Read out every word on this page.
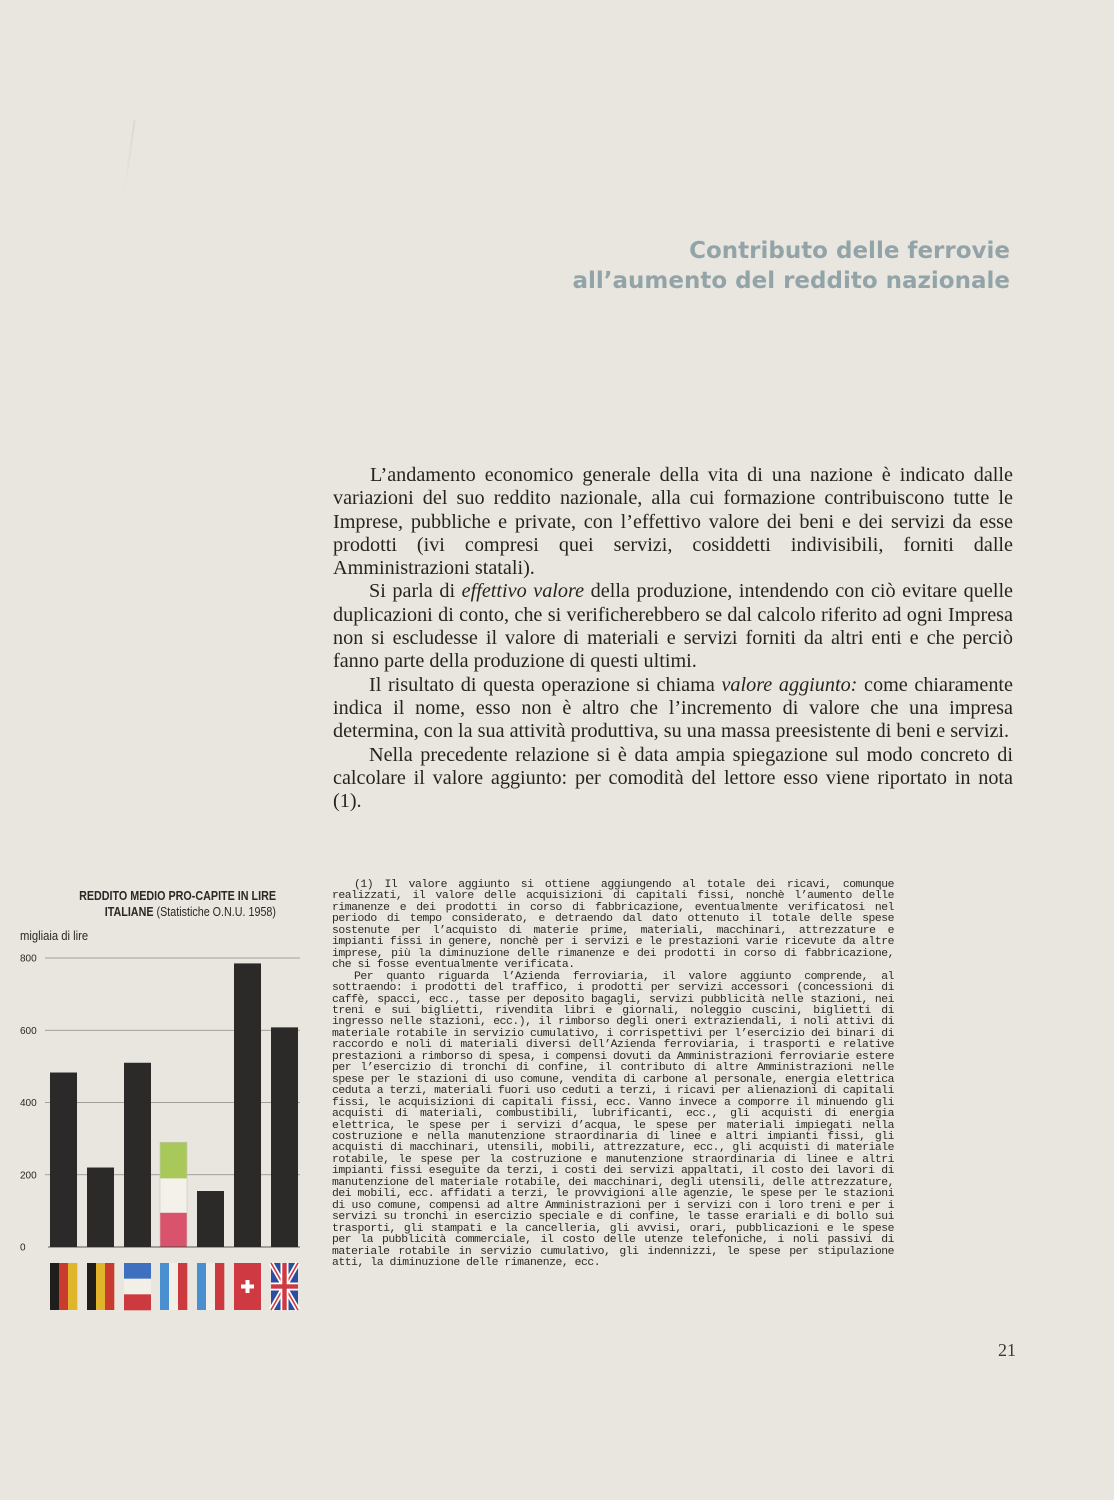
Contributo delle ferrovie
all’aumento del reddito nazionale

L’andamento economico generale della vita di una nazione è indicato dalle variazioni del suo reddito nazionale, alla cui formazione contribuiscono tutte le Imprese, pubbliche e private, con l’effettivo valore dei beni e dei servizi da esse prodotti (ivi compresi quei servizi, cosiddetti indivisibili, forniti dalle Amministrazioni statali).

Si parla di effettivo valore della produzione, intendendo con ciò evitare quelle duplicazioni di conto, che si verificherebbero se dal calcolo riferito ad ogni Impresa non si escludesse il valore di materiali e servizi forniti da altri enti e che perciò fanno parte della produzione di questi ultimi.

Il risultato di questa operazione si chiama valore aggiunto: come chiaramente indica il nome, esso non è altro che l’incremento di valore che una impresa determina, con la sua attività produttiva, su una massa preesistente di beni e servizi.

Nella precedente relazione si è data ampia spiegazione sul modo concreto di calcolare il valore aggiunto: per comodità del lettore esso viene riportato in nota (1).

(1) Il valore aggiunto si ottiene aggiungendo al totale dei ricavi, comunque realizzati, il valore delle acquisizioni di capitali fissi, nonchè l’aumento delle rimanenze e dei prodotti in corso di fabbricazione, eventualmente verificatosi nel periodo di tempo considerato, e detraendo dal dato ottenuto il totale delle spese sostenute per l’acquisto di materie prime, materiali, macchinari, attrezzature e impianti fissi in genere, nonchè per i servizi e le prestazioni varie ricevute da altre imprese, più la diminuzione delle rimanenze e dei prodotti in corso di fabbricazione, che si fosse eventualmente verificata.

Per quanto riguarda l’Azienda ferroviaria, il valore aggiunto comprende, al sottraendo: i prodotti del traffico, i prodotti per servizi accessori (concessioni di caffè, spacci, ecc., tasse per deposito bagagli, servizi pubblicità nelle stazioni, nei treni e sui biglietti, rivendita libri e giornali, noleggio cuscini, biglietti di ingresso nelle stazioni, ecc.), il rimborso degli oneri extraziendali, i noli attivi di materiale rotabile in servizio cumulativo, i corrispettivi per l’esercizio dei binari di raccordo e noli di materiali diversi dell’Azienda ferroviaria, i trasporti e relative prestazioni a rimborso di spesa, i compensi dovuti da Amministrazioni ferroviarie estere per l’esercizio di tronchi di confine, il contributo di altre Amministrazioni nelle spese per le stazioni di uso comune, vendita di carbone al personale, energia elettrica ceduta a terzi, materiali fuori uso ceduti a terzi, i ricavi per alienazioni di capitali fissi, le acquisizioni di capitali fissi, ecc. Vanno invece a comporre il minuendo gli acquisti di materiali, combustibili, lubrificanti, ecc., gli acquisti di energia elettrica, le spese per i servizi d’acqua, le spese per materiali impiegati nella costruzione e nella manutenzione straordinaria di linee e altri impianti fissi, gli acquisti di macchinari, utensili, mobili, attrezzature, ecc., gli acquisti di materiale rotabile, le spese per la costruzione e manutenzione straordinaria di linee e altri impianti fissi eseguite da terzi, i costi dei servizi appaltati, il costo dei lavori di manutenzione del materiale rotabile, dei macchinari, degli utensili, delle attrezzature, dei mobili, ecc. affidati a terzi, le provvigioni alle agenzie, le spese per le stazioni di uso comune, compensi ad altre Amministrazioni per i servizi con i loro treni e per i servizi su tronchi in esercizio speciale e di confine, le tasse erariali e di bollo sui trasporti, gli stampati e la cancelleria, gli avvisi, orari, pubblicazioni e le spese per la pubblicità commerciale, il costo delle utenze telefoniche, i noli passivi di materiale rotabile in servizio cumulativo, gli indennizzi, le spese per stipulazione atti, la diminuzione delle rimanenze, ecc.

REDDITO MEDIO PRO-CAPITE IN LIRE
ITALIANE (Statistiche O.N.U. 1958)
migliaia di lire
0
200
400
600
800
21
